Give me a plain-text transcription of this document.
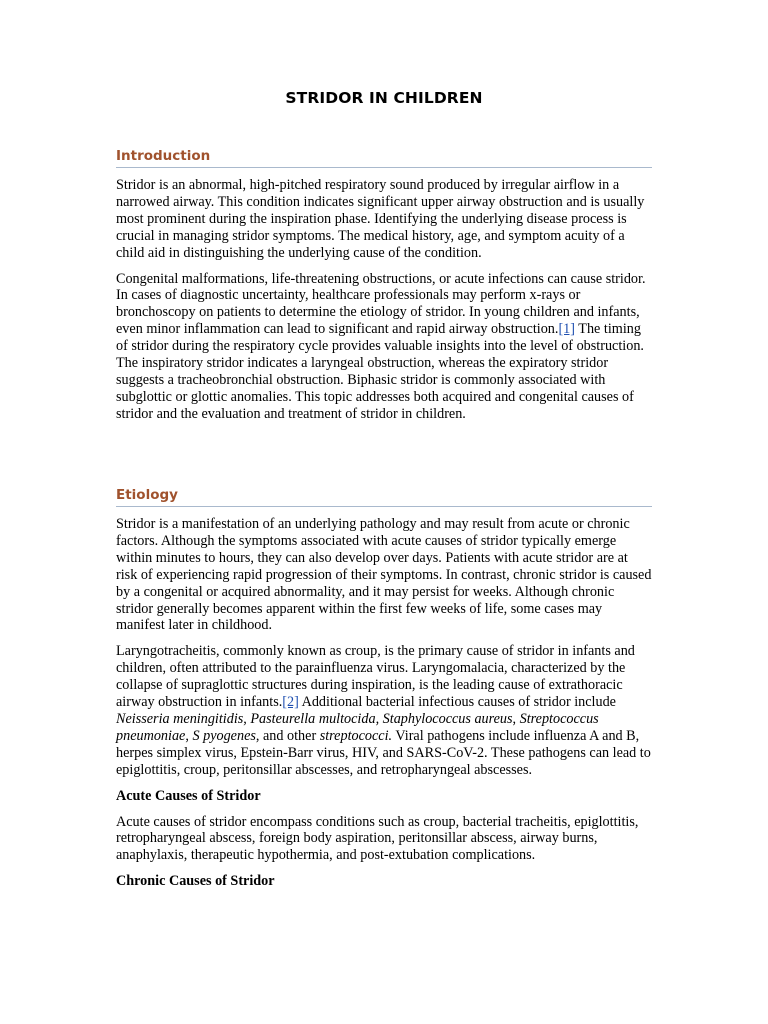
STRIDOR IN CHILDREN
Introduction

Stridor is an abnormal, high-pitched respiratory sound produced by irregular airflow in a narrowed airway. This condition indicates significant upper airway obstruction and is usually most prominent during the inspiration phase. Identifying the underlying disease process is crucial in managing stridor symptoms. The medical history, age, and symptom acuity of a child aid in distinguishing the underlying cause of the condition.

Congenital malformations, life-threatening obstructions, or acute infections can cause stridor. In cases of diagnostic uncertainty, healthcare professionals may perform x-rays or bronchoscopy on patients to determine the etiology of stridor. In young children and infants, even minor inflammation can lead to significant and rapid airway obstruction.[1] The timing of stridor during the respiratory cycle provides valuable insights into the level of obstruction. The inspiratory stridor indicates a laryngeal obstruction, whereas the expiratory stridor suggests a tracheobronchial obstruction. Biphasic stridor is commonly associated with subglottic or glottic anomalies. This topic addresses both acquired and congenital causes of stridor and the evaluation and treatment of stridor in children.

Etiology

Stridor is a manifestation of an underlying pathology and may result from acute or chronic factors. Although the symptoms associated with acute causes of stridor typically emerge within minutes to hours, they can also develop over days. Patients with acute stridor are at risk of experiencing rapid progression of their symptoms. In contrast, chronic stridor is caused by a congenital or acquired abnormality, and it may persist for weeks. Although chronic stridor generally becomes apparent within the first few weeks of life, some cases may manifest later in childhood.

Laryngotracheitis, commonly known as croup, is the primary cause of stridor in infants and children, often attributed to the parainfluenza virus. Laryngomalacia, characterized by the collapse of supraglottic structures during inspiration, is the leading cause of extrathoracic airway obstruction in infants.[2] Additional bacterial infectious causes of stridor include Neisseria meningitidis, Pasteurella multocida, Staphylococcus aureus, Streptococcus pneumoniae, S pyogenes, and other streptococci. Viral pathogens include influenza A and B, herpes simplex virus, Epstein-Barr virus, HIV, and SARS-CoV-2. These pathogens can lead to epiglottitis, croup, peritonsillar abscesses, and retropharyngeal abscesses.

Acute Causes of Stridor

Acute causes of stridor encompass conditions such as croup, bacterial tracheitis, epiglottitis, retropharyngeal abscess, foreign body aspiration, peritonsillar abscess, airway burns, anaphylaxis, therapeutic hypothermia, and post-extubation complications.

Chronic Causes of Stridor
